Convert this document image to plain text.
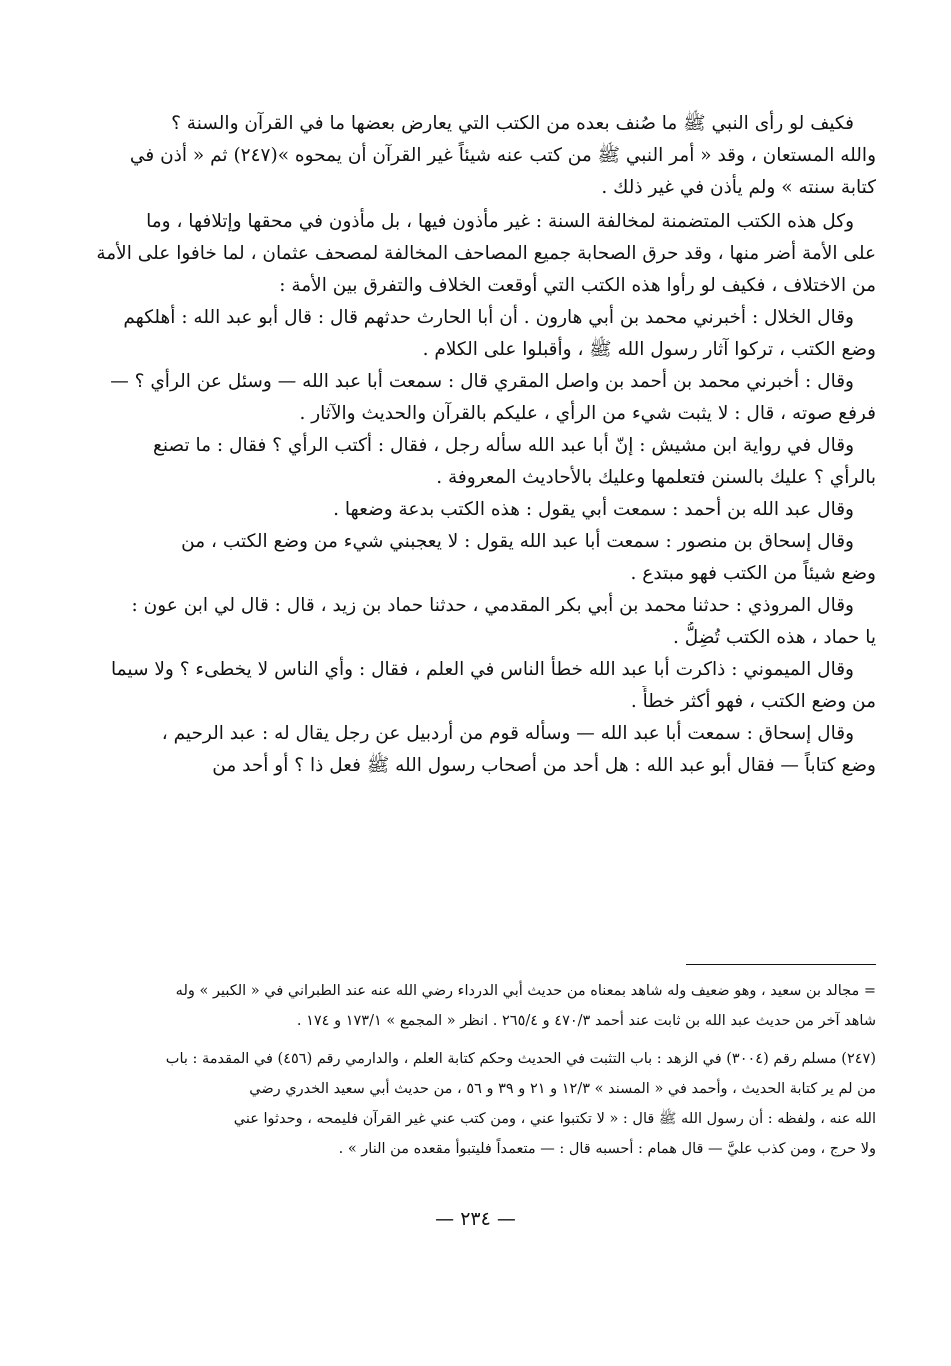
فكيف لو رأى النبي ﷺ ما صُنف بعده من الكتب التي يعارض بعضها ما في القرآن والسنة ؟
والله المستعان ، وقد « أمر النبي ﷺ من كتب عنه شيئاً غير القرآن أن يمحوه »(٢٤٧) ثم « أذن في
كتابة سنته » ولم يأذن في غير ذلك .
وكل هذه الكتب المتضمنة لمخالفة السنة : غير مأذون فيها ، بل مأذون في محقها وإتلافها ، وما
على الأمة أضر منها ، وقد حرق الصحابة جميع المصاحف المخالفة لمصحف عثمان ، لما خافوا على الأمة
من الاختلاف ، فكيف لو رأوا هذه الكتب التي أوقعت الخلاف والتفرق بين الأمة :
وقال الخلال : أخبرني محمد بن أبي هارون . أن أبا الحارث حدثهم قال : قال أبو عبد الله : أهلكهم
وضع الكتب ، تركوا آثار رسول الله ﷺ ، وأقبلوا على الكلام .
وقال : أخبرني محمد بن أحمد بن واصل المقري قال : سمعت أبا عبد الله — وسئل عن الرأي ؟ —
فرفع صوته ، قال : لا يثبت شيء من الرأي ، عليكم بالقرآن والحديث والآثار .
وقال في رواية ابن مشيش : إنّ أبا عبد الله سأله رجل ، فقال : أكتب الرأي ؟ فقال : ما تصنع
بالرأي ؟ عليك بالسنن فتعلمها وعليك بالأحاديث المعروفة .
وقال عبد الله بن أحمد : سمعت أبي يقول : هذه الكتب بدعة وضعها .
وقال إسحاق بن منصور : سمعت أبا عبد الله يقول : لا يعجبني شيء من وضع الكتب ، من
وضع شيئاً من الكتب فهو مبتدع .
وقال المروذي : حدثنا محمد بن أبي بكر المقدمي ، حدثنا حماد بن زيد ، قال : قال لي ابن عون :
يا حماد ، هذه الكتب تُضِلُّ .
وقال الميموني : ذاكرت أبا عبد الله خطأ الناس في العلم ، فقال : وأي الناس لا يخطىء ؟ ولا سيما
من وضع الكتب ، فهو أكثر خطأً .
وقال إسحاق : سمعت أبا عبد الله — وسأله قوم من أردبيل عن رجل يقال له : عبد الرحيم ،
وضع كتاباً — فقال أبو عبد الله : هل أحد من أصحاب رسول الله ﷺ فعل ذا ؟ أو أحد من
= مجالد بن سعيد ، وهو ضعيف وله شاهد بمعناه من حديث أبي الدرداء رضي الله عنه عند الطبراني في « الكبير » وله
شاهد آخر من حديث عبد الله بن ثابت عند أحمد ٤٧٠/٣ و ٢٦٥/٤ . انظر « المجمع » ١٧٣/١ و ١٧٤ .
(٢٤٧) مسلم رقم (٣٠٠٤) في الزهد : باب التثبت في الحديث وحكم كتابة العلم ، والدارمي رقم (٤٥٦) في المقدمة : باب
من لم ير كتابة الحديث ، وأحمد في « المسند » ١٢/٣ و ٢١ و ٣٩ و ٥٦ ، من حديث أبي سعيد الخدري رضي
الله عنه ، ولفظه : أن رسول الله ﷺ قال : « لا تكتبوا عني ، ومن كتب عني غير القرآن فليمحه ، وحدثوا عني
ولا حرج ، ومن كذب عليَّ — قال همام : أحسبه قال : — متعمداً فليتبوأ مقعده من النار » .
— ٢٣٤ —
